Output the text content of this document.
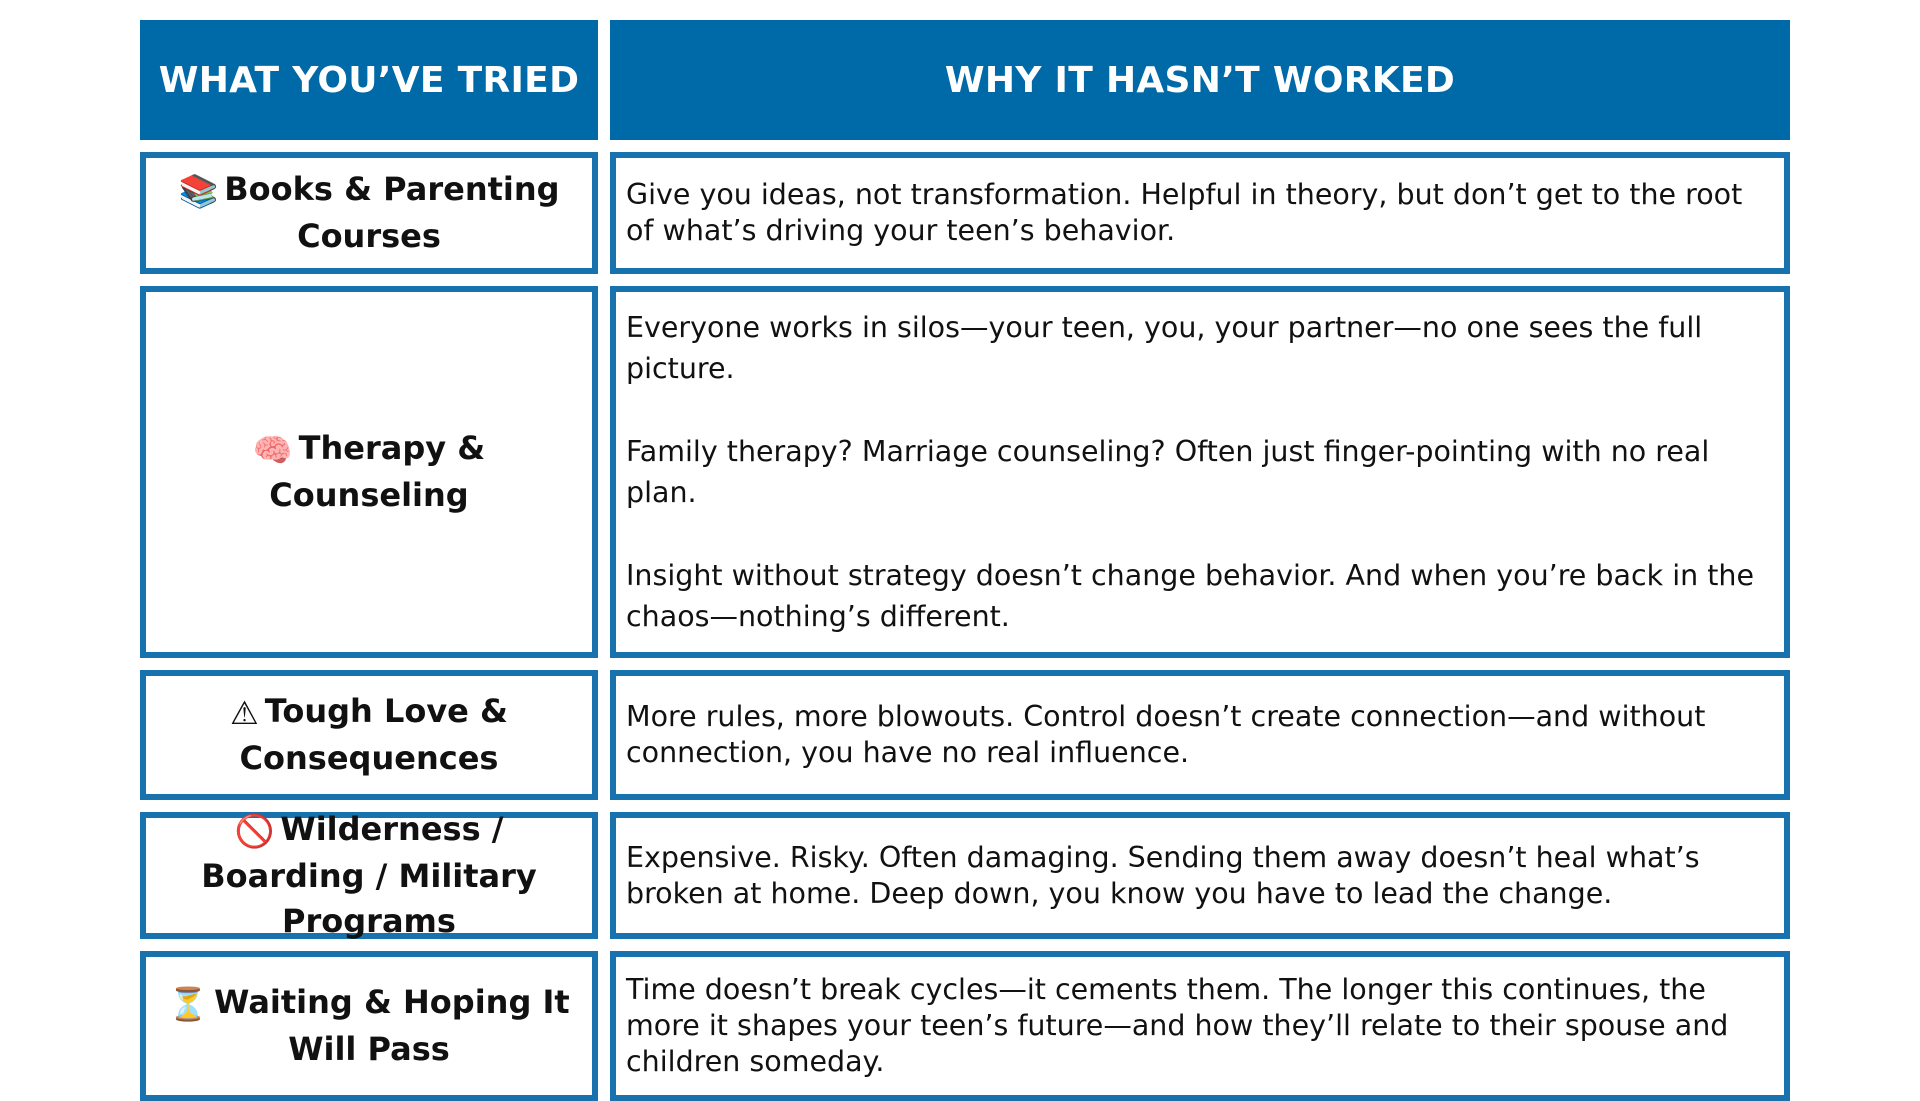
WHAT YOU’VE TRIED	WHY IT HASN’T WORKED
📚 Books & Parenting Courses

Give you ideas, not transformation. Helpful in theory, but don’t get to the root of what’s driving your teen’s behavior.

🧠 Therapy & Counseling

Everyone works in silos—your teen, you, your partner—no one sees the full picture.

Family therapy? Marriage counseling? Often just finger-pointing with no real plan.

Insight without strategy doesn’t change behavior. And when you’re back in the chaos—nothing’s different.

⚠ Tough Love & Consequences

More rules, more blowouts. Control doesn’t create connection—and without connection, you have no real influence.

🚫 Wilderness / Boarding / Military Programs

Expensive. Risky. Often damaging. Sending them away doesn’t heal what’s broken at home. Deep down, you know you have to lead the change.

⏳ Waiting & Hoping It Will Pass

Time doesn’t break cycles—it cements them. The longer this continues, the more it shapes your teen’s future—and how they’ll relate to their spouse and children someday.
